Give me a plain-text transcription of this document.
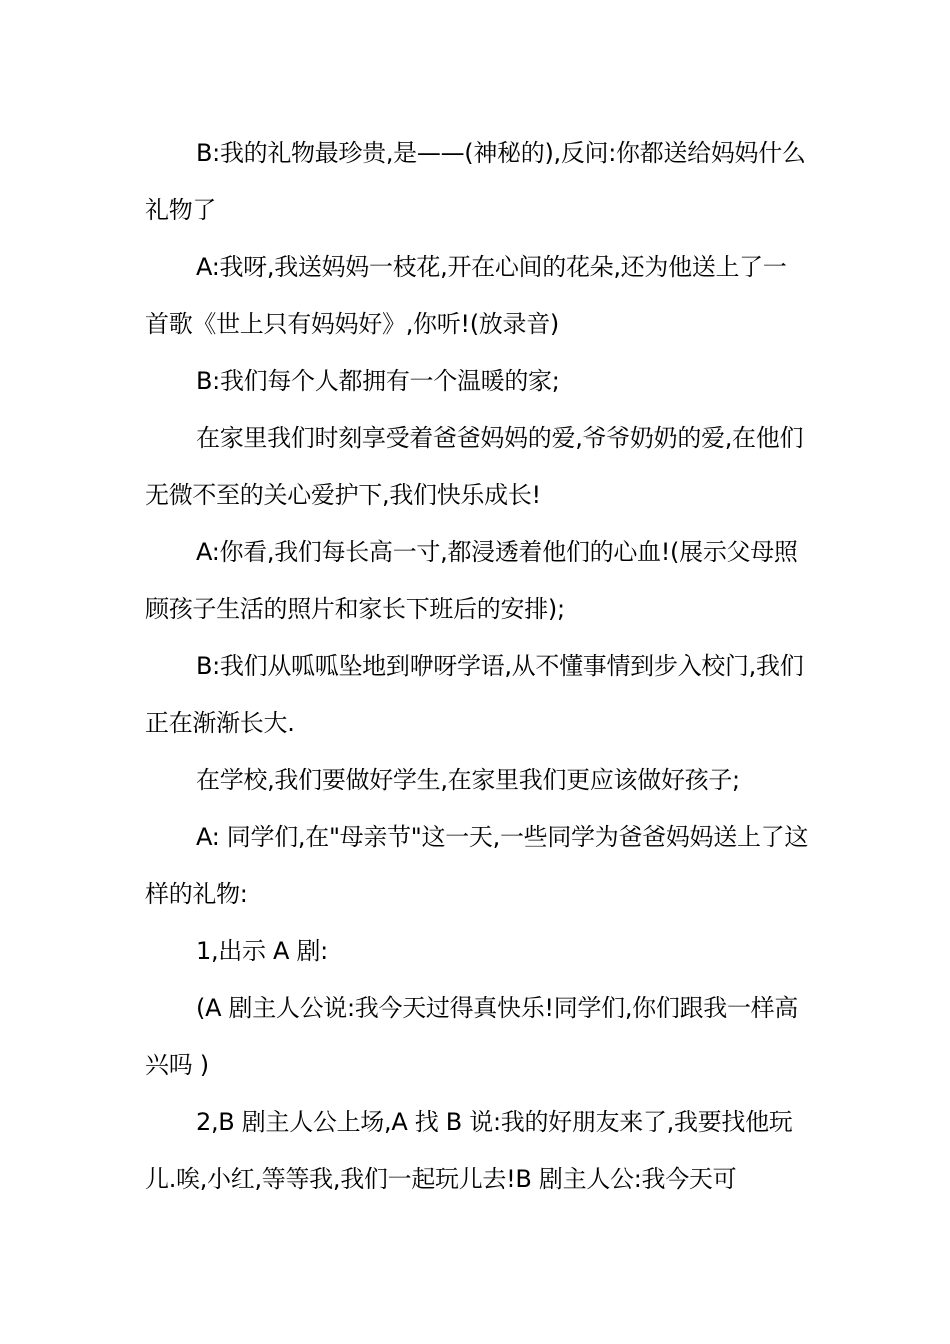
B:我的礼物最珍贵,是——(神秘的),反问:你都送给妈妈什么礼物了

A:我呀,我送妈妈一枝花,开在心间的花朵,还为他送上了一首歌《世上只有妈妈好》,你听!(放录音)

B:我们每个人都拥有一个温暖的家;

在家里我们时刻享受着爸爸妈妈的爱,爷爷奶奶的爱,在他们无微不至的关心爱护下,我们快乐成长!

A:你看,我们每长高一寸,都浸透着他们的心血!(展示父母照顾孩子生活的照片和家长下班后的安排);

B:我们从呱呱坠地到咿呀学语,从不懂事情到步入校门,我们正在渐渐长大.

在学校,我们要做好学生,在家里我们更应该做好孩子;

A: 同学们,在"母亲节"这一天,一些同学为爸爸妈妈送上了这样的礼物:

1,出示 A 剧:

(A 剧主人公说:我今天过得真快乐!同学们,你们跟我一样高兴吗 )

2,B 剧主人公上场,A 找 B 说:我的好朋友来了,我要找他玩儿.唉,小红,等等我,我们一起玩儿去!B 剧主人公:我今天可
